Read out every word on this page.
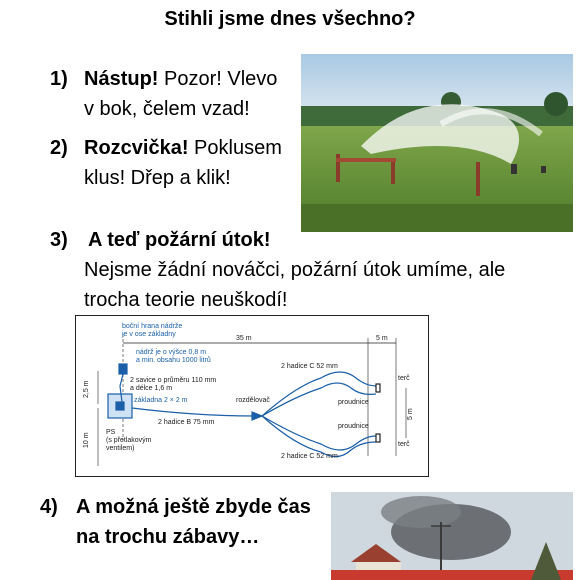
Stihli jsme dnes všechno?
1) Nástup! Pozor! Vlevo
v bok, čelem vzad!
2) Rozcvička! Poklusem
klus! Dřep a klik!
3) A teď požární útok!
Nejsme žádní nováčci, požární útok umíme, ale
trocha teorie neuškodí!
boční hrana nádrže
je v ose základny
nádrž je o výšce 0,8 m
a min. obsahu 1000 litrů
2 savice o průměru 110 mm
a délce 1,6 m
základna 2 × 2 m
2 hadice B 75 mm
rozdělovač
2 hadice C 52 mm
2 hadice C 52 mm
proudnice
proudnice
PS
(s přetlakovým
ventilem)
35 m	5 m
terč
terč
2,5 m
10 m
5 m
4) A možná ještě zbyde čas
na trochu zábavy…
